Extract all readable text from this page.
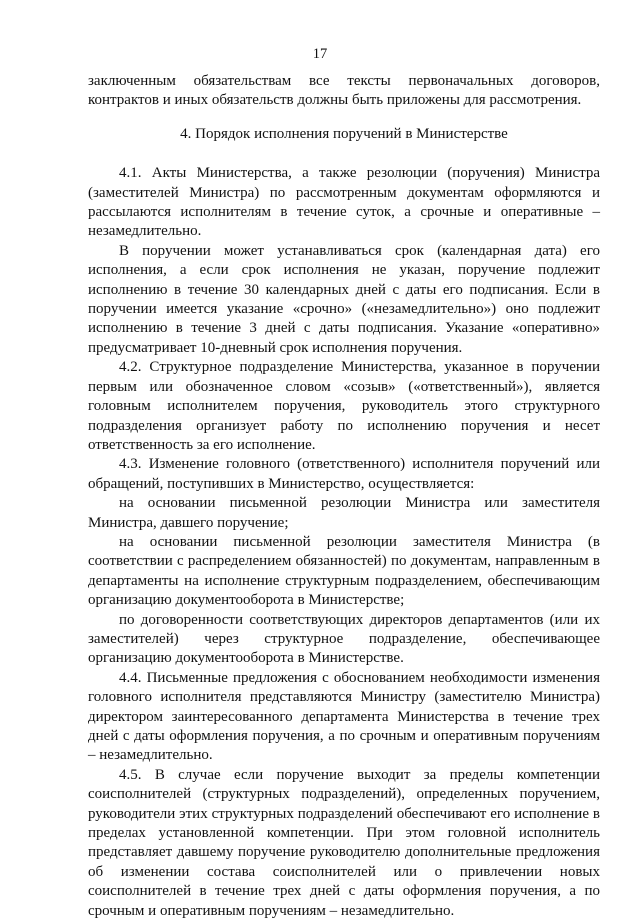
17

заключенным обязательствам все тексты первоначальных договоров, контрактов и иных обязательств должны быть приложены для рассмотрения.

4. Порядок исполнения поручений в Министерстве

4.1. Акты Министерства, а также резолюции (поручения) Министра (заместителей Министра) по рассмотренным документам оформляются и рассылаются исполнителям в течение суток, а срочные и оперативные – незамедлительно.

В поручении может устанавливаться срок (календарная дата) его исполнения, а если срок исполнения не указан, поручение подлежит исполнению в течение 30 календарных дней с даты его подписания. Если в поручении имеется указание «срочно» («незамедлительно») оно подлежит исполнению в течение 3 дней с даты подписания. Указание «оперативно» предусматривает 10-дневный срок исполнения поручения.

4.2. Структурное подразделение Министерства, указанное в поручении первым или обозначенное словом «созыв» («ответственный»), является головным исполнителем поручения, руководитель этого структурного подразделения организует работу по исполнению поручения и несет ответственность за его исполнение.

4.3. Изменение головного (ответственного) исполнителя поручений или обращений, поступивших в Министерство, осуществляется:

на основании письменной резолюции Министра или заместителя Министра, давшего поручение;

на основании письменной резолюции заместителя Министра (в соответствии с распределением обязанностей) по документам, направленным в департаменты на исполнение структурным подразделением, обеспечивающим организацию документооборота в Министерстве;

по договоренности соответствующих директоров департаментов (или их заместителей) через структурное подразделение, обеспечивающее организацию документооборота в Министерстве.

4.4. Письменные предложения с обоснованием необходимости изменения головного исполнителя представляются Министру (заместителю Министра) директором заинтересованного департамента Министерства в течение трех дней с даты оформления поручения, а по срочным и оперативным поручениям – незамедлительно.

4.5. В случае если поручение выходит за пределы компетенции соисполнителей (структурных подразделений), определенных поручением, руководители этих структурных подразделений обеспечивают его исполнение в пределах установленной компетенции. При этом головной исполнитель представляет давшему поручение руководителю дополнительные предложения об изменении состава соисполнителей или о привлечении новых соисполнителей в течение трех дней с даты оформления поручения, а по срочным и оперативным поручениям – незамедлительно.
